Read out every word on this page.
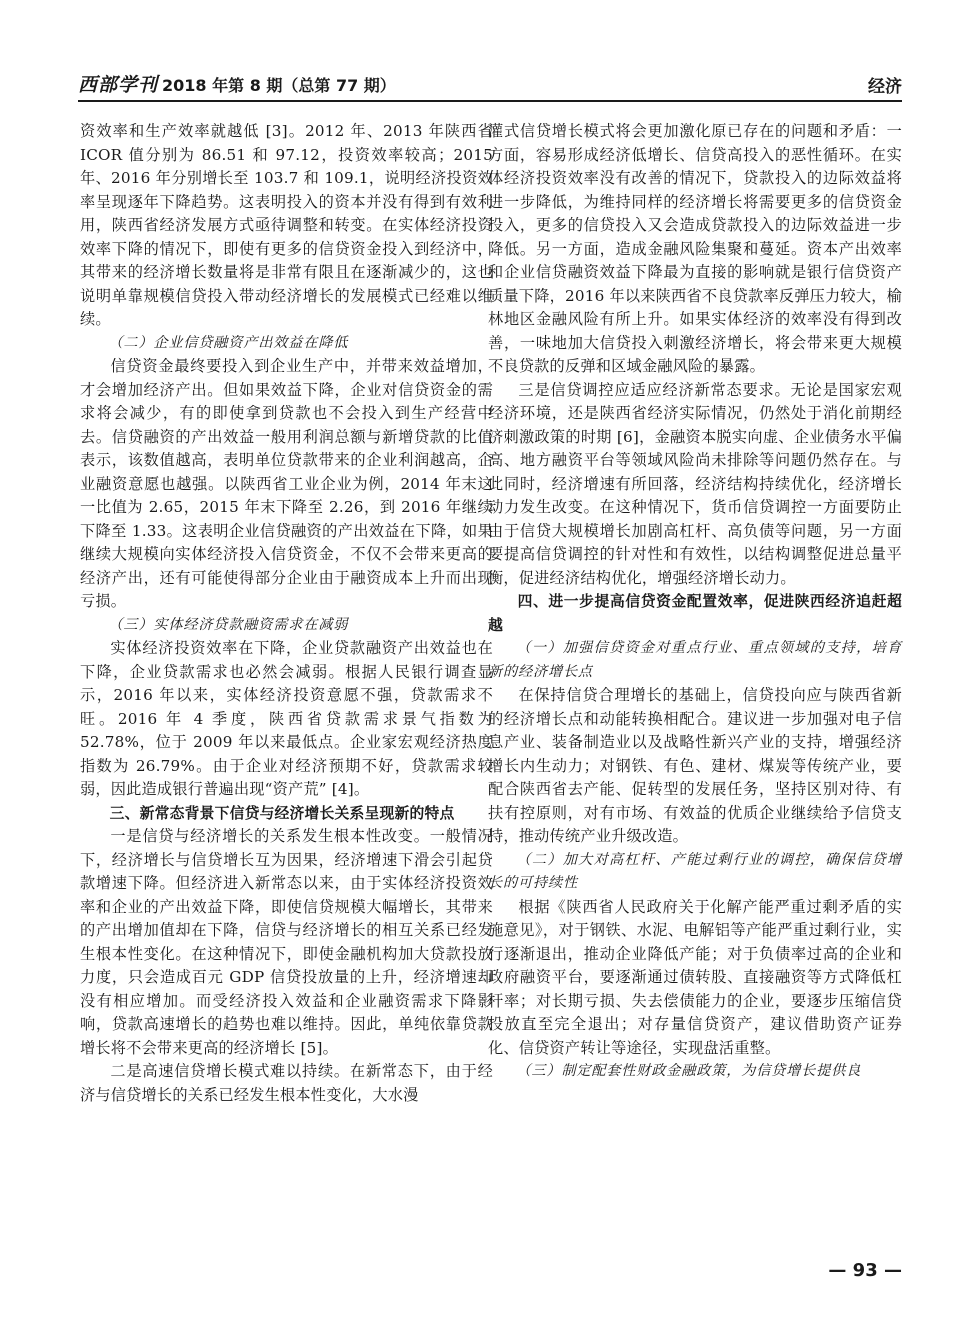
西部学刊 2018 年第 8 期（总第 77 期）	经济

资效率和生产效率就越低 [3]。2012 年、2013 年陕西省 ICOR 值分别为 86.51 和 97.12，投资效率较高；2015 年、2016 年分别增长至 103.7 和 109.1，说明经济投资效率呈现逐年下降趋势。这表明投入的资本并没有得到有效利用，陕西省经济发展方式亟待调整和转变。在实体经济投资效率下降的情况下，即使有更多的信贷资金投入到经济中，其带来的经济增长数量将是非常有限且在逐渐减少的，这也说明单靠规模信贷投入带动经济增长的发展模式已经难以维续。

（二）企业信贷融资产出效益在降低

信贷资金最终要投入到企业生产中，并带来效益增加，才会增加经济产出。但如果效益下降，企业对信贷资金的需求将会减少，有的即使拿到贷款也不会投入到生产经营中去。信贷融资的产出效益一般用利润总额与新增贷款的比值表示，该数值越高，表明单位贷款带来的企业利润越高，企业融资意愿也越强。以陕西省工业企业为例，2014 年末这一比值为 2.65，2015 年末下降至 2.26，到 2016 年继续下降至 1.33。这表明企业信贷融资的产出效益在下降，如果继续大规模向实体经济投入信贷资金，不仅不会带来更高的经济产出，还有可能使得部分企业由于融资成本上升而出现亏损。

（三）实体经济贷款融资需求在减弱

实体经济投资效率在下降，企业贷款融资产出效益也在下降，企业贷款需求也必然会减弱。根据人民银行调查显示，2016 年以来，实体经济投资意愿不强，贷款需求不旺。2016 年 4 季度，陕西省贷款需求景气指数为 52.78%，位于 2009 年以来最低点。企业家宏观经济热度指数为 26.79%。由于企业对经济预期不好，贷款需求较弱，因此造成银行普遍出现“资产荒” [4]。

三、新常态背景下信贷与经济增长关系呈现新的特点

一是信贷与经济增长的关系发生根本性改变。一般情况下，经济增长与信贷增长互为因果，经济增速下滑会引起贷款增速下降。但经济进入新常态以来，由于实体经济投资效率和企业的产出效益下降，即使信贷规模大幅增长，其带来的产出增加值却在下降，信贷与经济增长的相互关系已经发生根本性变化。在这种情况下，即使金融机构加大贷款投放力度，只会造成百元 GDP 信贷投放量的上升，经济增速却没有相应增加。而受经济投入效益和企业融资需求下降影响，贷款高速增长的趋势也难以维持。因此，单纯依靠贷款增长将不会带来更高的经济增长 [5]。

二是高速信贷增长模式难以持续。在新常态下，由于经济与信贷增长的关系已经发生根本性变化，大水漫

灌式信贷增长模式将会更加激化原已存在的问题和矛盾：一方面，容易形成经济低增长、信贷高投入的恶性循环。在实体经济投资效率没有改善的情况下，贷款投入的边际效益将进一步降低，为维持同样的经济增长将需要更多的信贷资金投入，更多的信贷投入又会造成贷款投入的边际效益进一步降低。另一方面，造成金融风险集聚和蔓延。资本产出效率和企业信贷融资效益下降最为直接的影响就是银行信贷资产质量下降，2016 年以来陕西省不良贷款率反弹压力较大，榆林地区金融风险有所上升。如果实体经济的效率没有得到改善，一味地加大信贷投入刺激经济增长，将会带来更大规模不良贷款的反弹和区域金融风险的暴露。

三是信贷调控应适应经济新常态要求。无论是国家宏观经济环境，还是陕西省经济实际情况，仍然处于消化前期经济刺激政策的时期 [6]，金融资本脱实向虚、企业债务水平偏高、地方融资平台等领域风险尚未排除等问题仍然存在。与此同时，经济增速有所回落，经济结构持续优化，经济增长动力发生改变。在这种情况下，货币信贷调控一方面要防止由于信贷大规模增长加剧高杠杆、高负债等问题，另一方面要提高信贷调控的针对性和有效性，以结构调整促进总量平衡，促进经济结构优化，增强经济增长动力。

四、进一步提高信贷资金配置效率，促进陕西经济追赶超越

（一）加强信贷资金对重点行业、重点领域的支持，培育新的经济增长点

在保持信贷合理增长的基础上，信贷投向应与陕西省新的经济增长点和动能转换相配合。建议进一步加强对电子信息产业、装备制造业以及战略性新兴产业的支持，增强经济增长内生动力；对钢铁、有色、建材、煤炭等传统产业，要配合陕西省去产能、促转型的发展任务，坚持区别对待、有扶有控原则，对有市场、有效益的优质企业继续给予信贷支持，推动传统产业升级改造。

（二）加大对高杠杆、产能过剩行业的调控，确保信贷增长的可持续性

根据《陕西省人民政府关于化解产能严重过剩矛盾的实施意见》，对于钢铁、水泥、电解铝等产能严重过剩行业，实行逐渐退出，推动企业降低产能；对于负债率过高的企业和政府融资平台，要逐渐通过债转股、直接融资等方式降低杠杆率；对长期亏损、失去偿债能力的企业，要逐步压缩信贷投放直至完全退出；对存量信贷资产，建议借助资产证券化、信贷资产转让等途径，实现盘活重整。

（三）制定配套性财政金融政策，为信贷增长提供良

— 93 —
